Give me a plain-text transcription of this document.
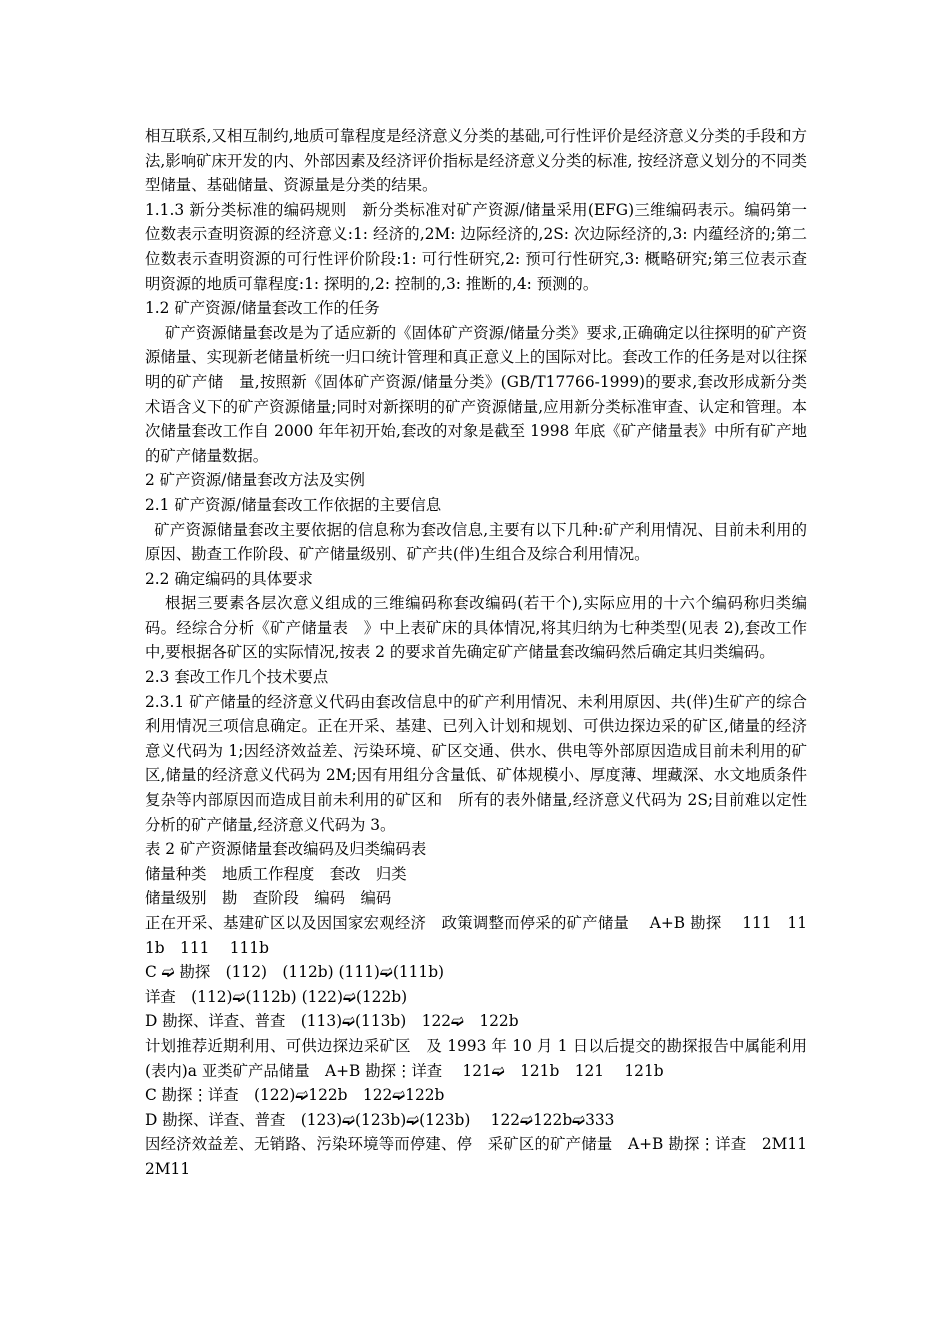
相互联系,又相互制约,地质可靠程度是经济意义分类的基础,可行性评价是经济意义分类的手段和方法,影响矿床开发的内、外部因素及经济评价指标是经济意义分类的标准, 按经济意义划分的不同类型储量、基础储量、资源量是分类的结果。

1.1.3 新分类标准的编码规则　新分类标准对矿产资源/储量采用(EFG)三维编码表示。编码第一位数表示查明资源的经济意义:1: 经济的,2M: 边际经济的,2S: 次边际经济的,3: 内蕴经济的;第二位数表示查明资源的可行性评价阶段:1: 可行性研究,2: 预可行性研究,3: 概略研究;第三位表示查明资源的地质可靠程度:1: 探明的,2: 控制的,3: 推断的,4: 预测的。

1.2 矿产资源/储量套改工作的任务

矿产资源储量套改是为了适应新的《固体矿产资源/储量分类》要求,正确确定以往探明的矿产资源储量、实现新老储量析统一归口统计管理和真正意义上的国际对比。套改工作的任务是对以往探明的矿产储　量,按照新《固体矿产资源/储量分类》(GB/T17766-1999)的要求,套改形成新分类术语含义下的矿产资源储量;同时对新探明的矿产资源储量,应用新分类标准审查、认定和管理。本次储量套改工作自 2000 年年初开始,套改的对象是截至 1998 年底《矿产储量表》中所有矿产地的矿产储量数据。

2 矿产资源/储量套改方法及实例

2.1 矿产资源/储量套改工作依据的主要信息

矿产资源储量套改主要依据的信息称为套改信息,主要有以下几种:矿产利用情况、目前未利用的原因、勘查工作阶段、矿产储量级别、矿产共(伴)生组合及综合利用情况。

2.2 确定编码的具体要求

根据三要素各层次意义组成的三维编码称套改编码(若干个),实际应用的十六个编码称归类编码。经综合分析《矿产储量表　》中上表矿床的具体情况,将其归纳为七种类型(见表 2),套改工作中,要根据各矿区的实际情况,按表 2 的要求首先确定矿产储量套改编码然后确定其归类编码。

2.3 套改工作几个技术要点

2.3.1 矿产储量的经济意义代码由套改信息中的矿产利用情况、未利用原因、共(伴)生矿产的综合利用情况三项信息确定。正在开采、基建、已列入计划和规划、可供边探边采的矿区,储量的经济意义代码为 1;因经济效益差、污染环境、矿区交通、供水、供电等外部原因造成目前未利用的矿区,储量的经济意义代码为 2M;因有用组分含量低、矿体规模小、厚度薄、埋藏深、水文地质条件复杂等内部原因而造成目前未利用的矿区和　所有的表外储量,经济意义代码为 2S;目前难以定性分析的矿产储量,经济意义代码为 3。

表 2 矿产资源储量套改编码及归类编码表

储量种类　地质工作程度　套改　归类

储量级别　勘　查阶段　编码　编码

正在开采、基建矿区以及因国家宏观经济　政策调整而停采的矿产储量　 A+B 勘探　 111　111b　111　 111b

C ➫ 勘探　(112)　(112b) (111)➫(111b)

详查　(112)➫(112b) (122)➫(122b)

D 勘探、详查、普查　(113)➫(113b)　122➫　122b

计划推荐近期利用、可供边探边采矿区　及 1993 年 10 月 1 日以后提交的勘探报告中属能利用(表内)a 亚类矿产品储量　A+B 勘探⋮详查　 121➫　121b　121　 121b

C 勘探⋮详查　(122)➫122b　122➫122b

D 勘探、详查、普查　(123)➫(123b)➫(123b)　 122➫122b➫333

因经济效益差、无销路、污染环境等而停建、停　采矿区的矿产储量　A+B 勘探⋮详查　2M11　2M11
